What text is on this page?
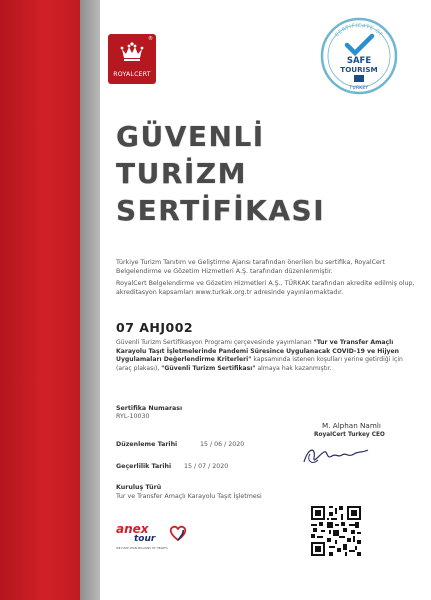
®
ROYALCERT
CERTIFICATE OF
SAFE
TOURISM
TURKEY
GÜVENLİ
TURİZM
SERTİFİKASI
Türkiye Turizm Tanıtım ve Geliştirme Ajansı tarafından önerilen bu sertifika, RoyalCert Belgelendirme ve Gözetim Hizmetleri A.Ş. tarafından düzenlenmiştir.
RoyalCert Belgelendirme ve Gözetim Hizmetleri A.Ş., TÜRKAK tarafından akredite edilmiş olup, akreditasyon kapsamları www.turkak.org.tr adresinde yayınlanmaktadır.
07 AHJ002
Güvenli Turizm Sertifikasyon Programı çerçevesinde yayımlanan "Tur ve Transfer Amaçlı Karayolu Taşıt İşletmelerinde Pandemi Süresince Uygulanacak COVID-19 ve Hijyen Uygulamaları Değerlendirme Kriterleri" kapsamında istenen koşulları yerine getirdiği için (araç plakası), "Güvenli Turizm Sertifikası" almaya hak kazanmıştır.
Sertifika Numarası
RYL-10030
Düzenleme Tarihi	15 / 06 / 2020
Geçerlilik Tarihi 15 / 07 / 2020
Kuruluş Türü
Tur ve Transfer Amaçlı Karayolu Taşıt İşletmesi
M. Alphan Namlı
RoyalCert Turkey CEO
anex
tour
WE HAVE WON MILLIONS OF HEARTS
